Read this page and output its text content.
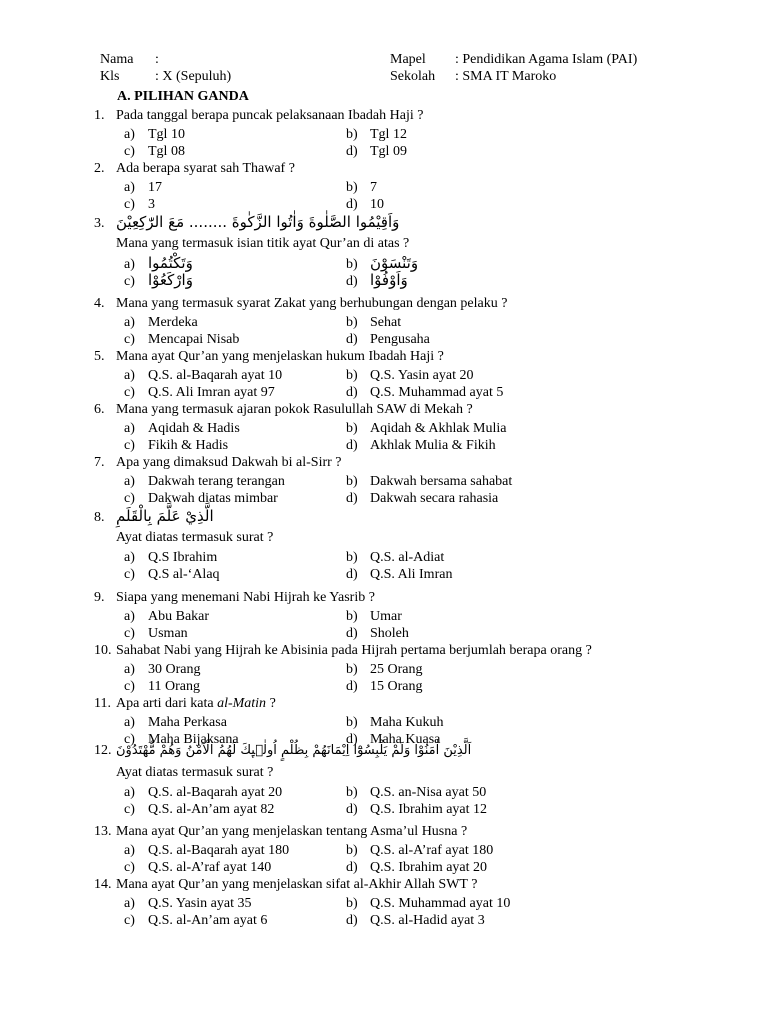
Nama :
Kls	: X (Sepuluh)
Mapel : Pendidikan Agama Islam (PAI)
Sekolah : SMA IT Maroko
A. PILIHAN GANDA
1. Pada tanggal berapa puncak pelaksanaan Ibadah Haji ?
a) Tgl 10	b) Tgl 12
c) Tgl 08	d) Tgl 09
2. Ada berapa syarat sah Thawaf ?
a) 17	b) 7
c) 3	d) 10
3. وَاَقِيْمُوا الصَّلٰوةَ وَاٰتُوا الزَّكٰوةَ ........ مَعَ الرّٰكِعِيْنَ
Mana yang termasuk isian titik ayat Qur’an di atas ?
a) وَتَكْتُمُوا	b) وَتَنْسَوْنَ
c) وَارْكَعُوْا	d) وَاَوْفُوْا
4. Mana yang termasuk syarat Zakat yang berhubungan dengan pelaku ?
a) Merdeka	b) Sehat
c) Mencapai Nisab	d) Pengusaha
5. Mana ayat Qur’an yang menjelaskan hukum Ibadah Haji ?
a) Q.S. al-Baqarah ayat 10	b) Q.S. Yasin ayat 20
c) Q.S. Ali Imran ayat 97	d) Q.S. Muhammad ayat 5
6. Mana yang termasuk ajaran pokok Rasulullah SAW di Mekah ?
a) Aqidah & Hadis	b) Aqidah & Akhlak Mulia
c) Fikih & Hadis	d) Akhlak Mulia & Fikih
7. Apa yang dimaksud Dakwah bi al-Sirr ?
a) Dakwah terang terangan	b) Dakwah bersama sahabat
c) Dakwah diatas mimbar	d) Dakwah secara rahasia
8. الَّذِيْ عَلَّمَ بِالْقَلَمِ
Ayat diatas termasuk surat ?
a) Q.S Ibrahim	b) Q.S. al-Adiat
c) Q.S al-‘Alaq	d) Q.S. Ali Imran
9. Siapa yang menemani Nabi Hijrah ke Yasrib ?
a) Abu Bakar	b) Umar
c) Usman	d) Sholeh
10. Sahabat Nabi yang Hijrah ke Abisinia pada Hijrah pertama berjumlah berapa orang ?
a) 30 Orang	b) 25 Orang
c) 11 Orang	d) 15 Orang
11. Apa arti dari kata al-Matin ?
a) Maha Perkasa	b) Maha Kukuh
c) Maha Bijaksana	d) Maha Kuasa
12. اَلَّذِيْنَ اٰمَنُوْا وَلَمْ يَلْبِسُوْٓا اِيْمَانَهُمْ بِظُلْمٍ اُولٰۤىِٕكَ لَهُمُ الْاَمْنُ وَهُمْ مُّهْتَدُوْنَ
Ayat diatas termasuk surat ?
a) Q.S. al-Baqarah ayat 20	b) Q.S. an-Nisa ayat 50
c) Q.S. al-An’am ayat 82	d) Q.S. Ibrahim ayat 12
13. Mana ayat Qur’an yang menjelaskan tentang Asma’ul Husna ?
a) Q.S. al-Baqarah ayat 180	b) Q.S. al-A’raf ayat 180
c) Q.S. al-A’raf ayat 140	d) Q.S. Ibrahim ayat 20
14. Mana ayat Qur’an yang menjelaskan sifat al-Akhir Allah SWT ?
a) Q.S. Yasin ayat 35	b) Q.S. Muhammad ayat 10
c) Q.S. al-An’am ayat 6	d) Q.S. al-Hadid ayat 3
